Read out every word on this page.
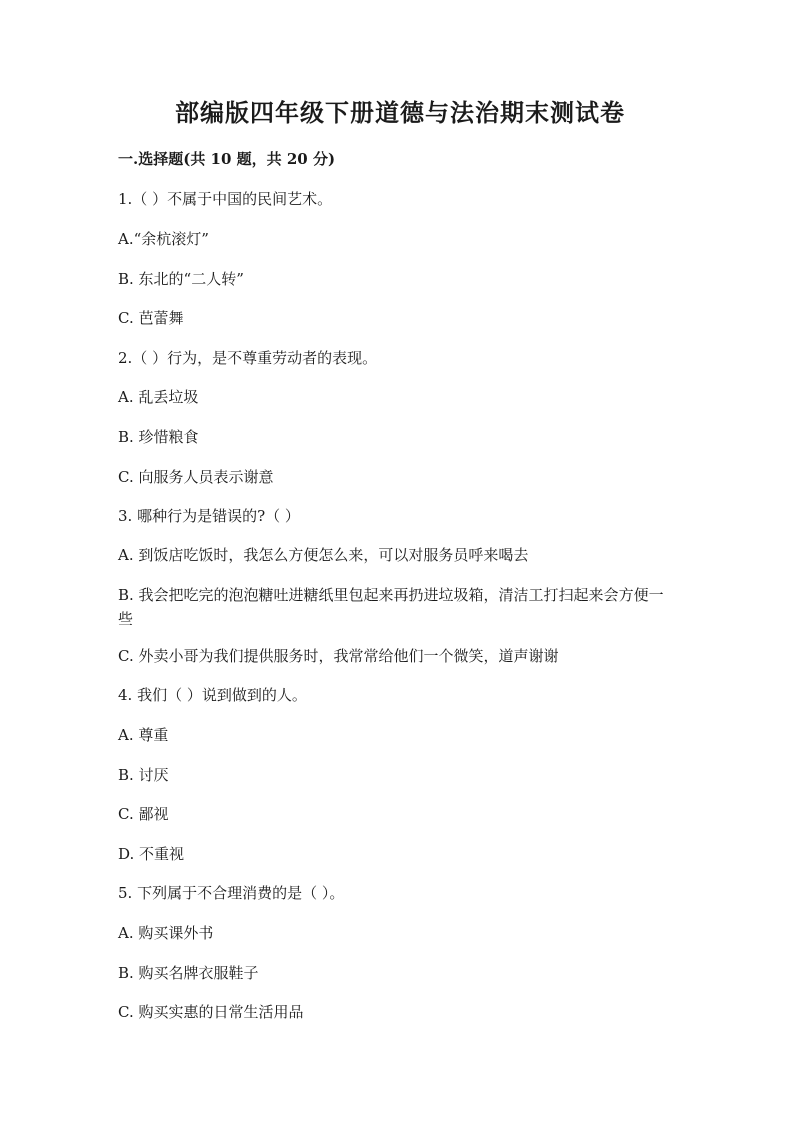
部编版四年级下册道德与法治期末测试卷
一.选择题(共 10 题，共 20 分)
1.（ ）不属于中国的民间艺术。
A.“余杭滚灯”
B. 东北的“二人转”
C. 芭蕾舞
2.（ ）行为，是不尊重劳动者的表现。
A. 乱丢垃圾
B. 珍惜粮食
C. 向服务人员表示谢意
3. 哪种行为是错误的?（ ）
A. 到饭店吃饭时，我怎么方便怎么来，可以对服务员呼来喝去
B. 我会把吃完的泡泡糖吐进糖纸里包起来再扔进垃圾箱，清洁工打扫起来会方便一些
C. 外卖小哥为我们提供服务时，我常常给他们一个微笑，道声谢谢
4. 我们（ ）说到做到的人。
A. 尊重
B. 讨厌
C. 鄙视
D. 不重视
5. 下列属于不合理消费的是（ ）。
A. 购买课外书
B. 购买名牌衣服鞋子
C. 购买实惠的日常生活用品
